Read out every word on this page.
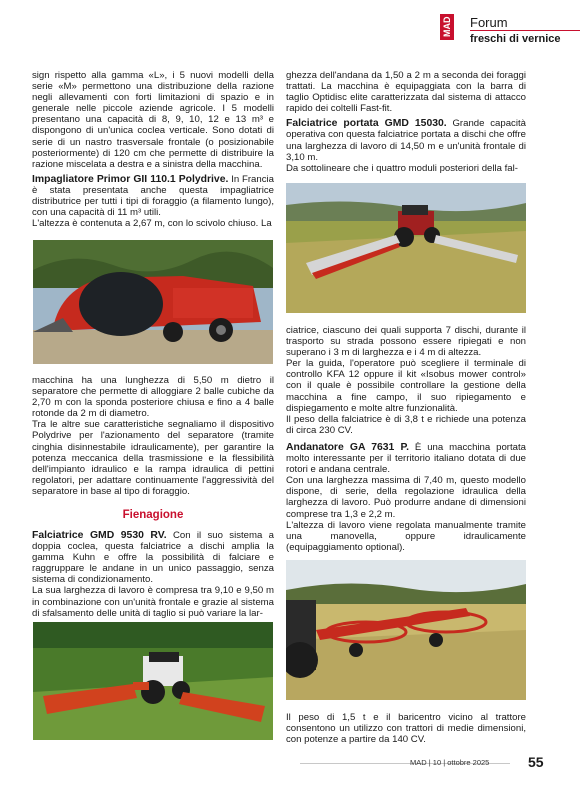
MAD Forum
freschi di vernice

sign rispetto alla gamma «L», i 5 nuovi modelli della serie «M» permettono una distribuzione della razione negli allevamenti con forti limitazioni di spazio e in generale nelle piccole aziende agricole. I 5 modelli presentano una capacità di 8, 9, 10, 12 e 13 m³ e dispongono di un'unica coclea verticale. Sono dotati di serie di un nastro trasversale frontale (o posizionabile posteriormente) di 120 cm che permette di distribuire la razione miscelata a destra e a sinistra della macchina.

Impagliatore Primor GII 110.1 Polydrive. In Francia è stata presentata anche questa impagliatrice distributrice per tutti i tipi di foraggio (a filamento lungo), con una capacità di 11 m³ utili.

L'altezza è contenuta a 2,67 m, con lo scivolo chiuso. La

macchina ha una lunghezza di 5,50 m dietro il separatore che permette di alloggiare 2 balle cubiche da 2,70 m con la sponda posteriore chiusa e fino a 4 balle rotonde da 2 m di diametro.

Tra le altre sue caratteristiche segnaliamo il dispositivo Polydrive per l'azionamento del separatore (tramite cinghia disinnestabile idraulicamente), per garantire la potenza meccanica della trasmissione e la flessibilità dell'impianto idraulico e la rampa idraulica di pettini regolatori, per adattare continuamente l'aggressività del separatore in base al tipo di foraggio.

Fienagione

Falciatrice GMD 9530 RV. Con il suo sistema a doppia coclea, questa falciatrice a dischi amplia la gamma Kuhn e offre la possibilità di falciare e raggruppare le andane in un unico passaggio, senza sistema di condizionamento.

La sua larghezza di lavoro è compresa tra 9,10 e 9,50 m in combinazione con un'unità frontale e grazie al sistema di sfalsamento delle unità di taglio si può variare la lar-

ghezza dell'andana da 1,50 a 2 m a seconda dei foraggi trattati. La macchina è equipaggiata con la barra di taglio Optidisc elite caratterizzata dal sistema di attacco rapido dei coltelli Fast-fit.

Falciatrice portata GMD 15030. Grande capacità operativa con questa falciatrice portata a dischi che offre una larghezza di lavoro di 14,50 m e un'unità frontale di 3,10 m.

Da sottolineare che i quattro moduli posteriori della fal-

ciatrice, ciascuno dei quali supporta 7 dischi, durante il trasporto su strada possono essere ripiegati e non superano i 3 m di larghezza e i 4 m di altezza.

Per la guida, l'operatore può scegliere il terminale di controllo KFA 12 oppure il kit «Isobus mower control» con il quale è possibile controllare la gestione della macchina a fine campo, il suo ripiegamento e dispiegamento e molte altre funzionalità.

Il peso della falciatrice è di 3,8 t e richiede una potenza di circa 230 CV.

Andanatore GA 7631 P. È una macchina portata molto interessante per il territorio italiano dotata di due rotori e andana centrale.

Con una larghezza massima di 7,40 m, questo modello dispone, di serie, della regolazione idraulica della larghezza di lavoro. Può produrre andane di dimensioni comprese tra 1,3 e 2,2 m.

L'altezza di lavoro viene regolata manualmente tramite una manovella, oppure idraulicamente (equipaggiamento optional).

Il peso di 1,5 t e il baricentro vicino al trattore consentono un utilizzo con trattori di medie dimensioni, con potenze a partire da 140 CV.

MAD | 10 | ottobre 2025	55
